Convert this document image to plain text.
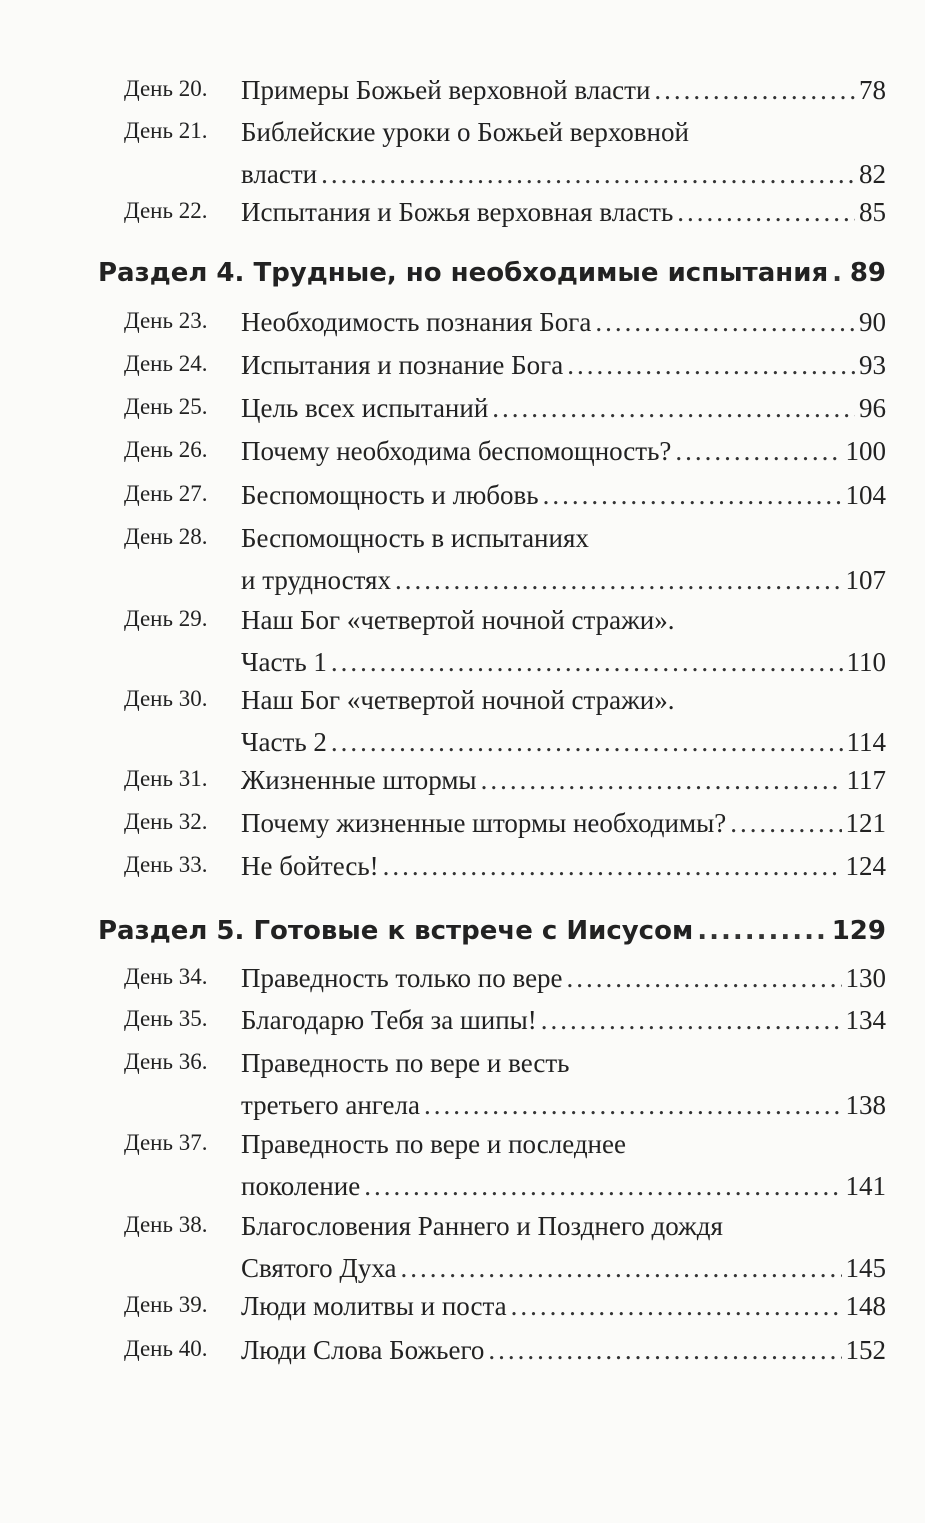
День 20. Примеры Божьей верховной власти .....	78
День 21. Библейские уроки о Божьей верховной
власти .....	82
День 22. Испытания и Божья верховная власть .....	85
Раздел 4. Трудные, но необходимые испытания ..... 89
День 23. Необходимость познания Бога .....	90
День 24. Испытания и познание Бога .....	93
День 25. Цель всех испытаний .....	96
День 26. Почему необходима беспомощность? .....	100
День 27. Беспомощность и любовь .....	104
День 28. Беспомощность в испытаниях
и трудностях .....	107
День 29. Наш Бог «четвертой ночной стражи».
Часть 1 .....	110
День 30. Наш Бог «четвертой ночной стражи».
Часть 2 .....	114
День 31. Жизненные штормы .....	117
День 32. Почему жизненные штормы необходимы? .....	121
День 33. Не бойтесь! .....	124
Раздел 5. Готовые к встрече с Иисусом .....	129
День 34. Праведность только по вере .....	130
День 35. Благодарю Тебя за шипы! .....	134
День 36. Праведность по вере и весть
третьего ангела .....	138
День 37. Праведность по вере и последнее
поколение .....	141
День 38. Благословения Раннего и Позднего дождя
Святого Духа .....	145
День 39. Люди молитвы и поста .....	148
День 40. Люди Слова Божьего .....	152
